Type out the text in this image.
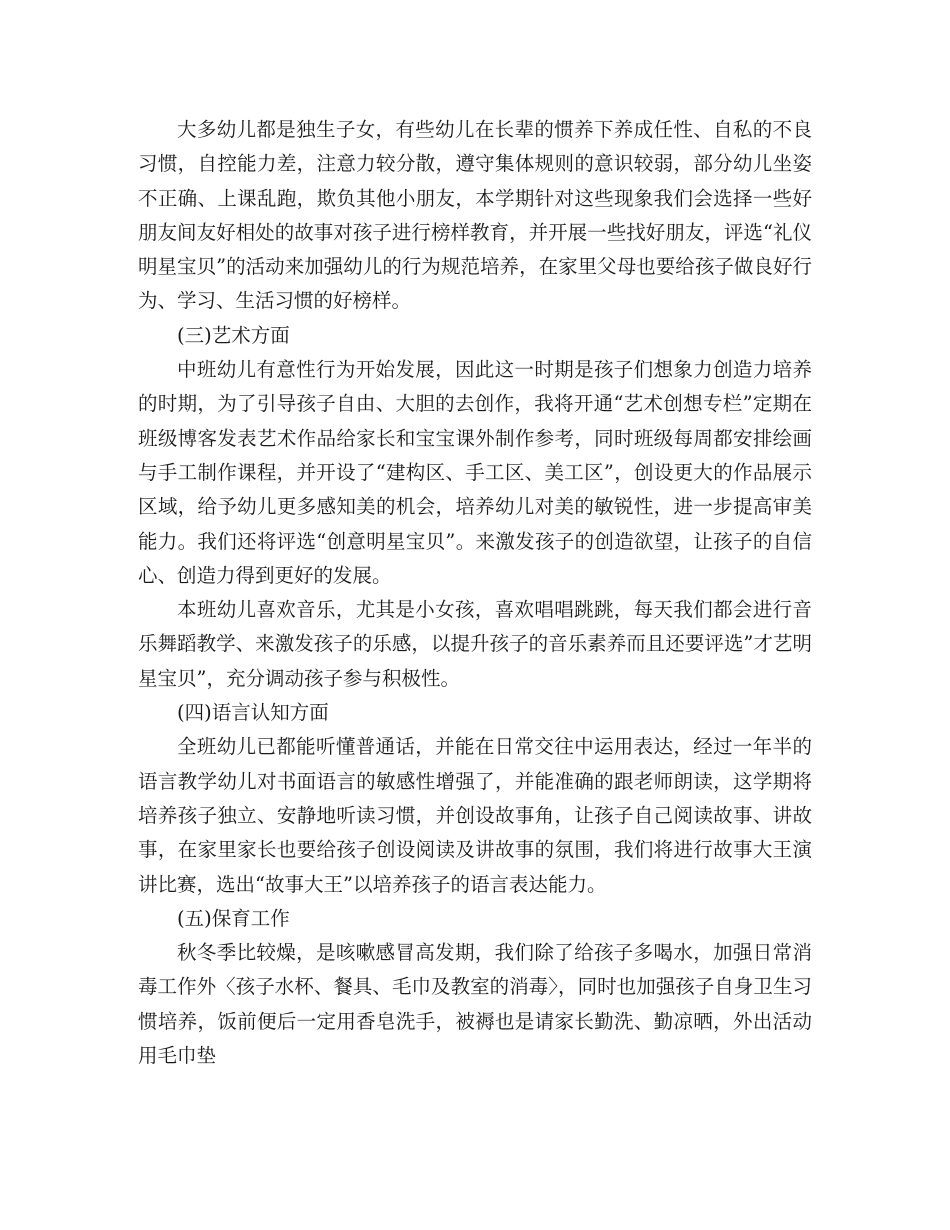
大多幼儿都是独生子女，有些幼儿在长辈的惯养下养成任性、自私的不良习惯，自控能力差，注意力较分散，遵守集体规则的意识较弱，部分幼儿坐姿不正确、上课乱跑，欺负其他小朋友，本学期针对这些现象我们会选择一些好朋友间友好相处的故事对孩子进行榜样教育，并开展一些找好朋友，评选“礼仪明星宝贝”的活动来加强幼儿的行为规范培养，在家里父母也要给孩子做良好行为、学习、生活习惯的好榜样。

(三)艺术方面

中班幼儿有意性行为开始发展，因此这一时期是孩子们想象力创造力培养的时期，为了引导孩子自由、大胆的去创作，我将开通“艺术创想专栏”定期在班级博客发表艺术作品给家长和宝宝课外制作参考，同时班级每周都安排绘画与手工制作课程，并开设了“建构区、手工区、美工区”，创设更大的作品展示区域，给予幼儿更多感知美的机会，培养幼儿对美的敏锐性，进一步提高审美能力。我们还将评选“创意明星宝贝”。来激发孩子的创造欲望，让孩子的自信心、创造力得到更好的发展。

本班幼儿喜欢音乐，尤其是小女孩，喜欢唱唱跳跳，每天我们都会进行音乐舞蹈教学、来激发孩子的乐感，以提升孩子的音乐素养而且还要评选”才艺明星宝贝”，充分调动孩子参与积极性。

(四)语言认知方面

全班幼儿已都能听懂普通话，并能在日常交往中运用表达，经过一年半的语言教学幼儿对书面语言的敏感性增强了，并能准确的跟老师朗读，这学期将培养孩子独立、安静地听读习惯，并创设故事角，让孩子自己阅读故事、讲故事，在家里家长也要给孩子创设阅读及讲故事的氛围，我们将进行故事大王演讲比赛，选出“故事大王”以培养孩子的语言表达能力。

(五)保育工作

秋冬季比较燥，是咳嗽感冒高发期，我们除了给孩子多喝水，加强日常消毒工作外〈孩子水杯、餐具、毛巾及教室的消毒〉，同时也加强孩子自身卫生习惯培养，饭前便后一定用香皂洗手，被褥也是请家长勤洗、勤凉晒，外出活动用毛巾垫
